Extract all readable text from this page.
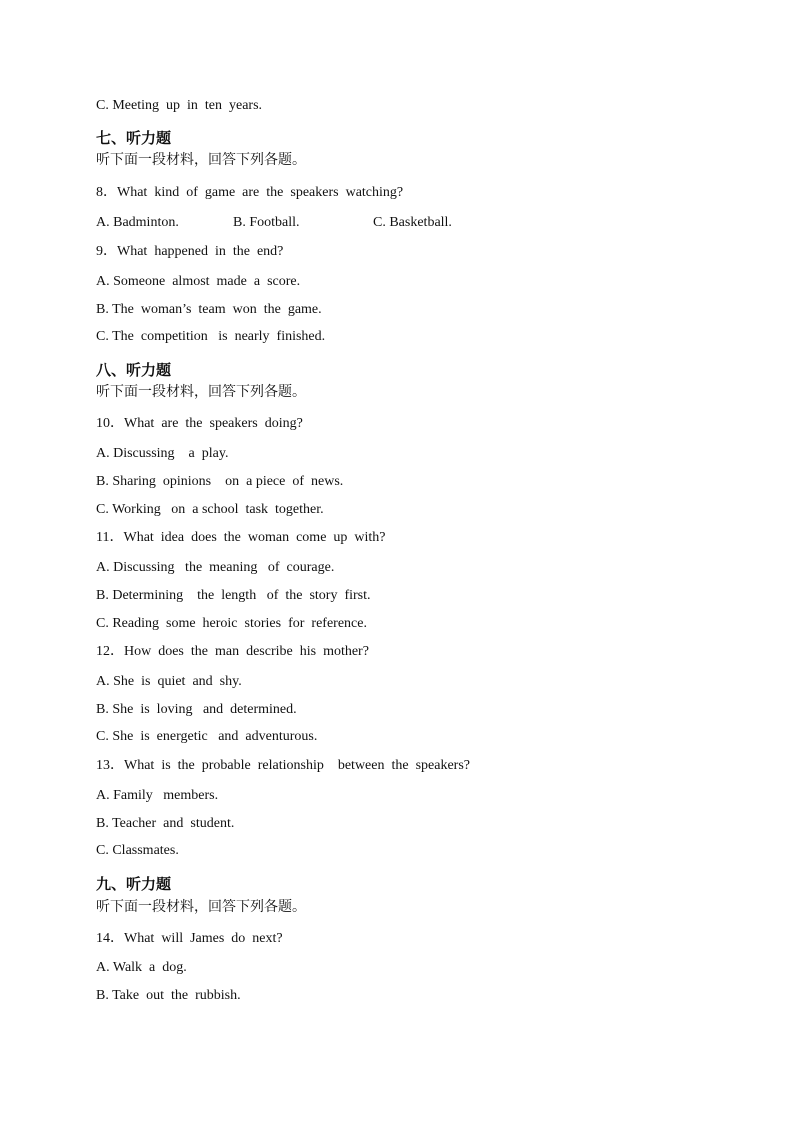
C. Meeting  up  in  ten  years.
七、听力题
听下面一段材料，回答下列各题。
8．What  kind  of  game  are  the  speakers  watching?

A. Badminton.

	B. Football.

	C. Basketball.

9．What  happened  in  the  end?
A. Someone  almost  made  a  score.
B. The  woman’s  team  won  the  game.
C. The  competition   is  nearly  finished.
八、听力题
听下面一段材料，回答下列各题。
10．What  are  the  speakers  doing?
A. Discussing    a  play.
B. Sharing  opinions    on  a piece  of  news.
C. Working   on  a school  task  together.
11．What  idea  does  the  woman  come  up  with?
A. Discussing   the  meaning   of  courage.
B. Determining    the  length   of  the  story  first.
C. Reading  some  heroic  stories  for  reference.
12．How  does  the  man  describe  his  mother?
A. She  is  quiet  and  shy.
B. She  is  loving   and  determined.
C. She  is  energetic   and  adventurous.
13．What  is  the  probable  relationship    between  the  speakers?
A. Family   members.
B. Teacher  and  student.
C. Classmates.
九、听力题
听下面一段材料，回答下列各题。
14．What  will  James  do  next?
A. Walk  a  dog.
B. Take  out  the  rubbish.
